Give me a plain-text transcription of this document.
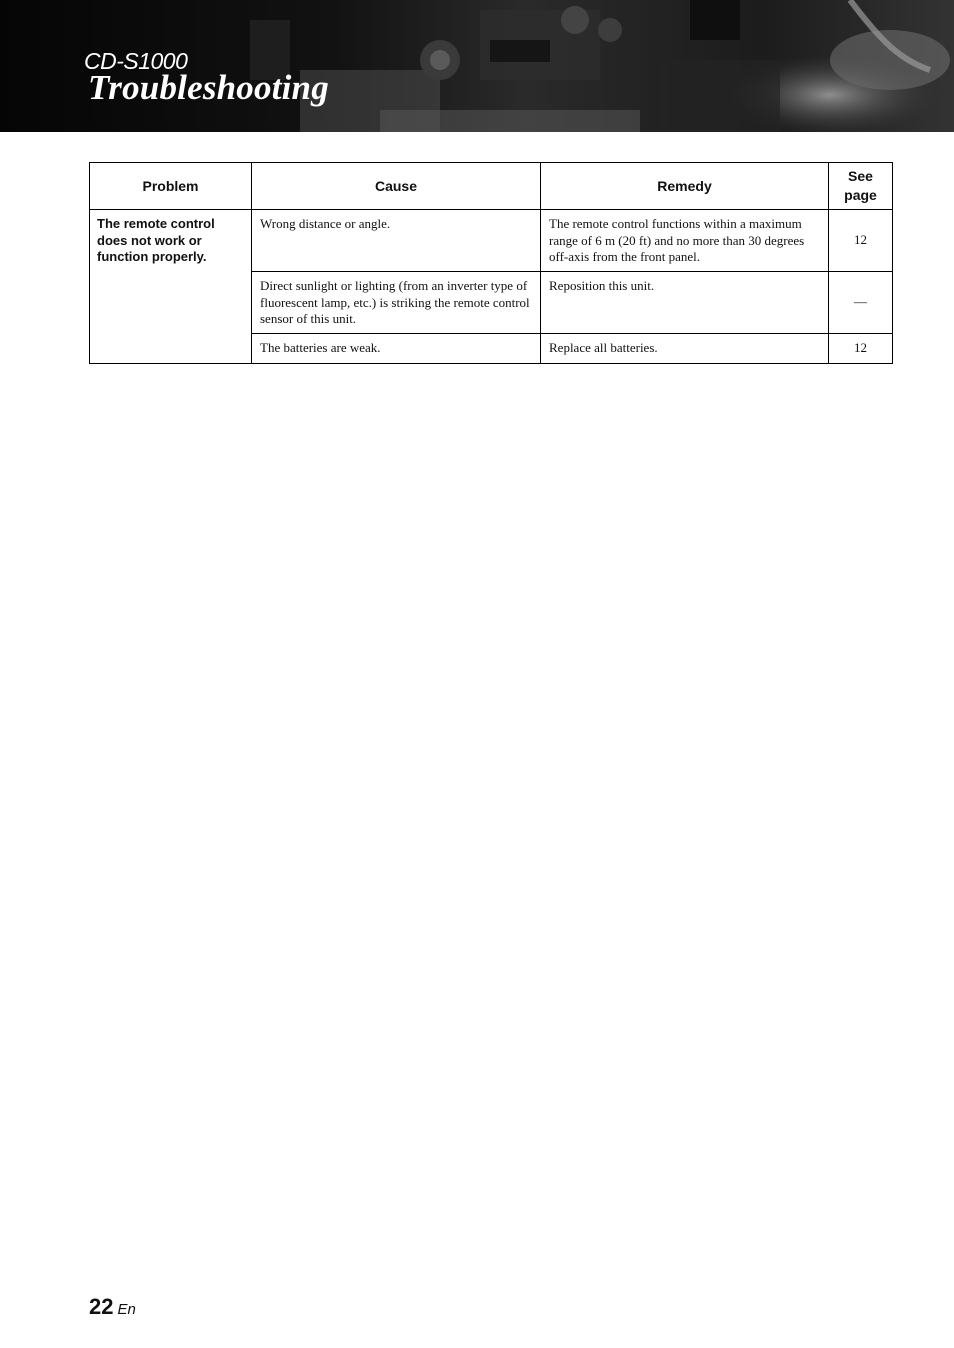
CD-S1000
Troubleshooting
Problem	Cause	Remedy	See page
The remote control does not work or function properly.	Wrong distance or angle.	The remote control functions within a maximum range of 6 m (20 ft) and no more than 30 degrees off-axis from the front panel.	12
	Direct sunlight or lighting (from an inverter type of fluorescent lamp, etc.) is striking the remote control sensor of this unit.	Reposition this unit.	—
	The batteries are weak.	Replace all batteries.	12
22 En
